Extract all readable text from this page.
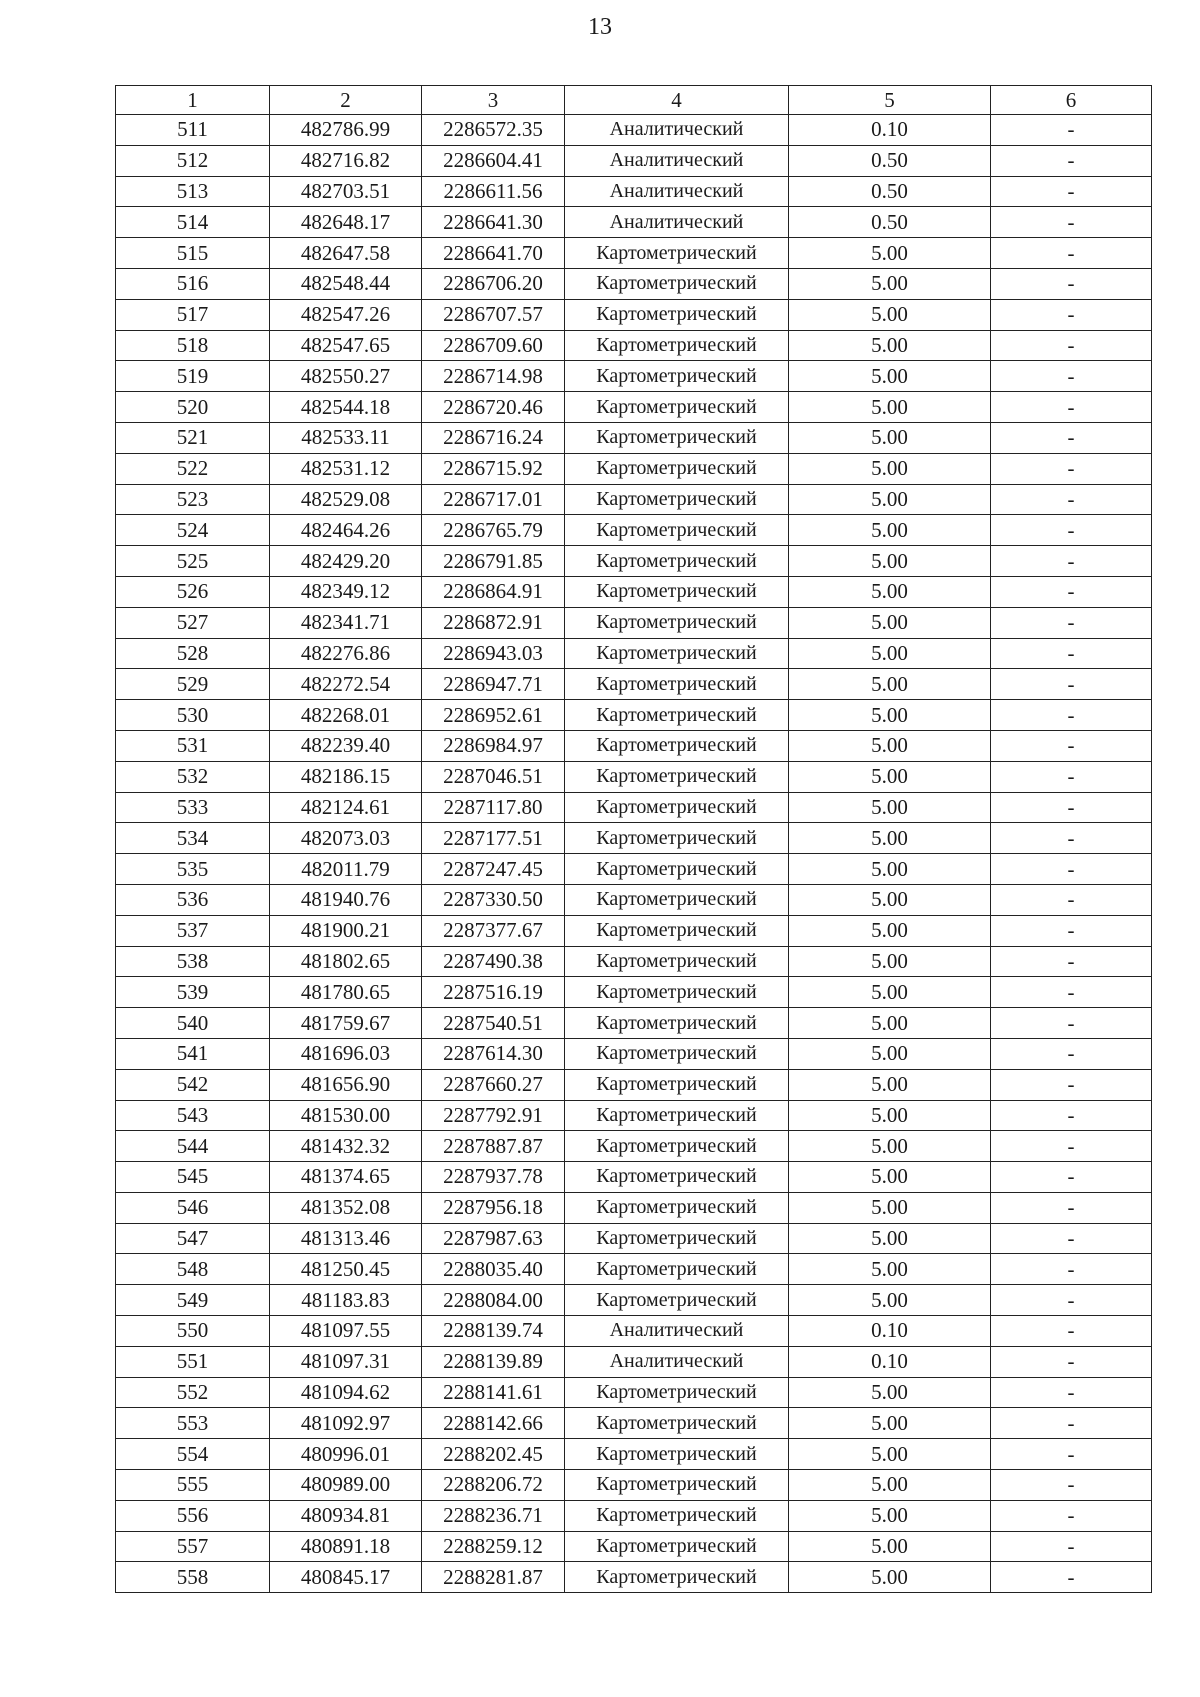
13
1	2	3	4	5	6
511	482786.99	2286572.35	Аналитический	0.10	-
512	482716.82	2286604.41	Аналитический	0.50	-
513	482703.51	2286611.56	Аналитический	0.50	-
514	482648.17	2286641.30	Аналитический	0.50	-
515	482647.58	2286641.70	Картометрический	5.00	-
516	482548.44	2286706.20	Картометрический	5.00	-
517	482547.26	2286707.57	Картометрический	5.00	-
518	482547.65	2286709.60	Картометрический	5.00	-
519	482550.27	2286714.98	Картометрический	5.00	-
520	482544.18	2286720.46	Картометрический	5.00	-
521	482533.11	2286716.24	Картометрический	5.00	-
522	482531.12	2286715.92	Картометрический	5.00	-
523	482529.08	2286717.01	Картометрический	5.00	-
524	482464.26	2286765.79	Картометрический	5.00	-
525	482429.20	2286791.85	Картометрический	5.00	-
526	482349.12	2286864.91	Картометрический	5.00	-
527	482341.71	2286872.91	Картометрический	5.00	-
528	482276.86	2286943.03	Картометрический	5.00	-
529	482272.54	2286947.71	Картометрический	5.00	-
530	482268.01	2286952.61	Картометрический	5.00	-
531	482239.40	2286984.97	Картометрический	5.00	-
532	482186.15	2287046.51	Картометрический	5.00	-
533	482124.61	2287117.80	Картометрический	5.00	-
534	482073.03	2287177.51	Картометрический	5.00	-
535	482011.79	2287247.45	Картометрический	5.00	-
536	481940.76	2287330.50	Картометрический	5.00	-
537	481900.21	2287377.67	Картометрический	5.00	-
538	481802.65	2287490.38	Картометрический	5.00	-
539	481780.65	2287516.19	Картометрический	5.00	-
540	481759.67	2287540.51	Картометрический	5.00	-
541	481696.03	2287614.30	Картометрический	5.00	-
542	481656.90	2287660.27	Картометрический	5.00	-
543	481530.00	2287792.91	Картометрический	5.00	-
544	481432.32	2287887.87	Картометрический	5.00	-
545	481374.65	2287937.78	Картометрический	5.00	-
546	481352.08	2287956.18	Картометрический	5.00	-
547	481313.46	2287987.63	Картометрический	5.00	-
548	481250.45	2288035.40	Картометрический	5.00	-
549	481183.83	2288084.00	Картометрический	5.00	-
550	481097.55	2288139.74	Аналитический	0.10	-
551	481097.31	2288139.89	Аналитический	0.10	-
552	481094.62	2288141.61	Картометрический	5.00	-
553	481092.97	2288142.66	Картометрический	5.00	-
554	480996.01	2288202.45	Картометрический	5.00	-
555	480989.00	2288206.72	Картометрический	5.00	-
556	480934.81	2288236.71	Картометрический	5.00	-
557	480891.18	2288259.12	Картометрический	5.00	-
558	480845.17	2288281.87	Картометрический	5.00	-
